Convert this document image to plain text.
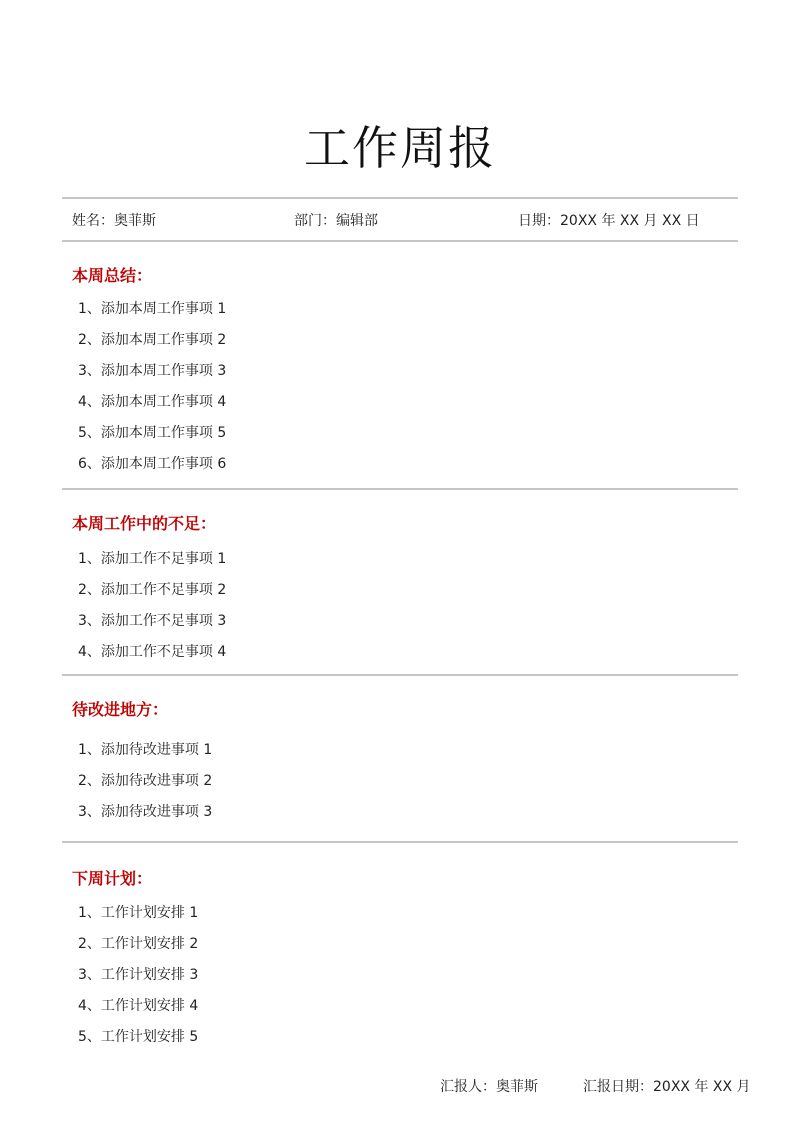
工作周报
姓名：奥菲斯	部门：编辑部	日期：20XX 年 XX 月 XX 日
本周总结：
1、添加本周工作事项 1
2、添加本周工作事项 2
3、添加本周工作事项 3
4、添加本周工作事项 4
5、添加本周工作事项 5
6、添加本周工作事项 6
本周工作中的不足：
1、添加工作不足事项 1
2、添加工作不足事项 2
3、添加工作不足事项 3
4、添加工作不足事项 4
待改进地方：
1、添加待改进事项 1
2、添加待改进事项 2
3、添加待改进事项 3
下周计划：
1、工作计划安排 1
2、工作计划安排 2
3、工作计划安排 3
4、工作计划安排 4
5、工作计划安排 5
汇报人：奥菲斯	汇报日期：20XX 年 XX 月
